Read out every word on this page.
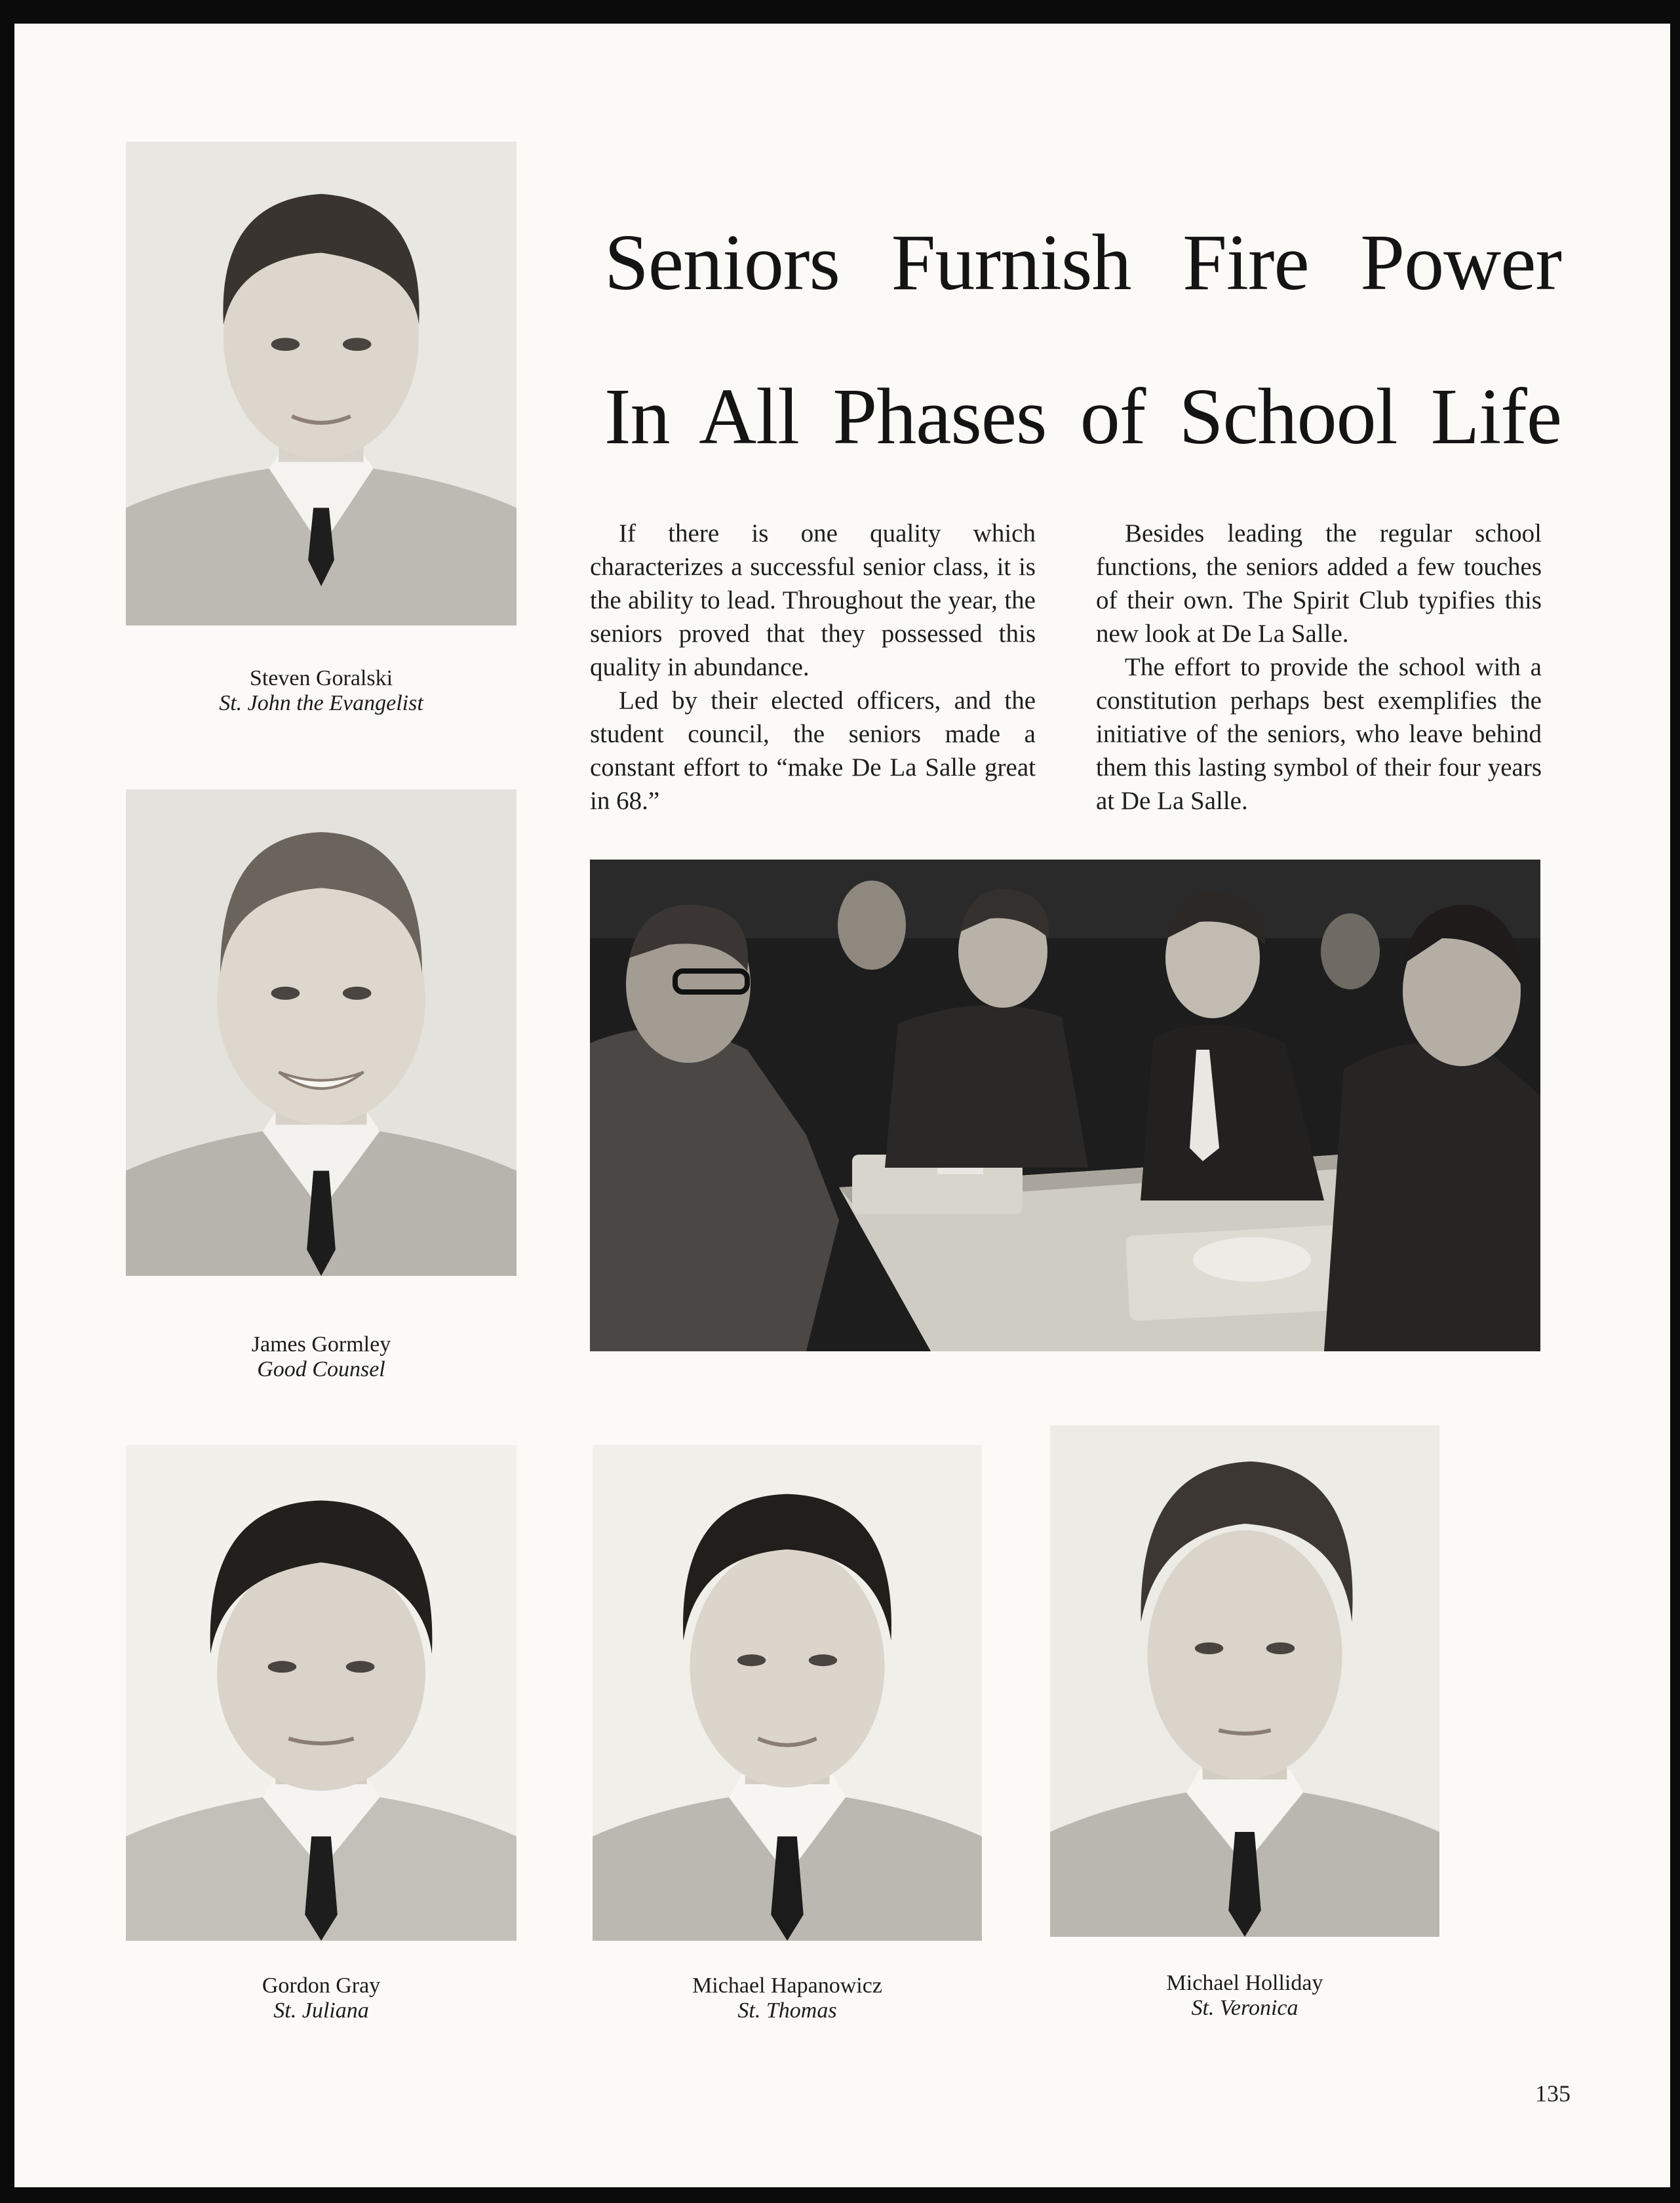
Steven Goralski
St. John the Evangelist
James Gormley
Good Counsel
Seniors Furnish Fire Power
In All Phases of School Life

If there is one quality which characterizes a successful senior class, it is the ability to lead. Throughout the year, the seniors proved that they possessed this quality in abundance.

Led by their elected officers, and the student council, the seniors made a constant effort to “make De La Salle great in 68.”

Besides leading the regular school functions, the seniors added a few touches of their own. The Spirit Club typifies this new look at De La Salle.

The effort to provide the school with a constitution perhaps best exemplifies the initiative of the seniors, who leave behind them this lasting symbol of their four years at De La Salle.

Gordon Gray
St. Juliana
Michael Hapanowicz
St. Thomas
Michael Holliday
St. Veronica
135
